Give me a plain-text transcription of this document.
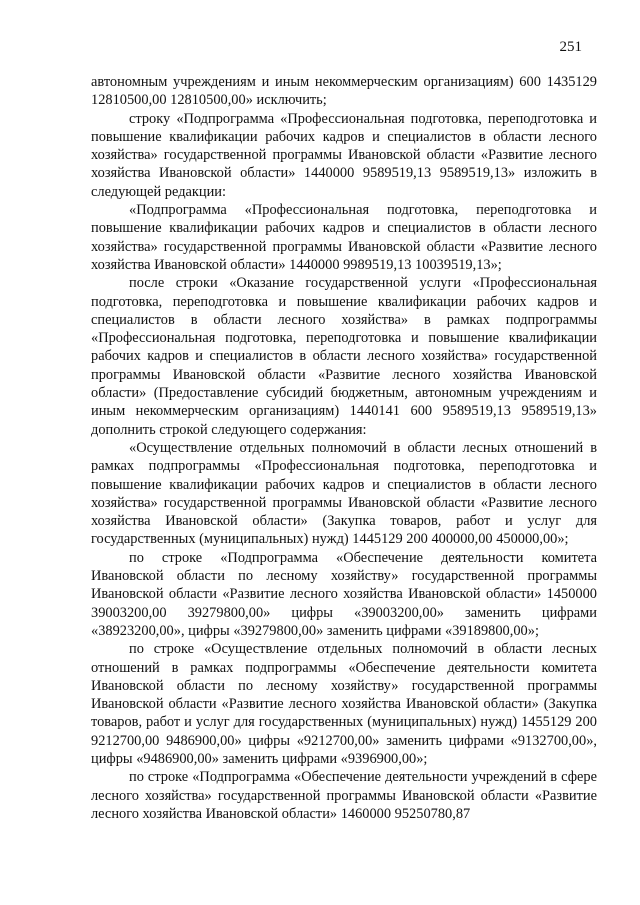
251

автономным учреждениям и иным некоммерческим организациям) 600 1435129 12810500,00 12810500,00» исключить;

строку «Подпрограмма «Профессиональная подготовка, переподготовка и повышение квалификации рабочих кадров и специалистов в области лесного хозяйства» государственной программы Ивановской области «Развитие лесного хозяйства Ивановской области» 1440000 9589519,13 9589519,13» изложить в следующей редакции:

«Подпрограмма «Профессиональная подготовка, переподготовка и повышение квалификации рабочих кадров и специалистов в области лесного хозяйства» государственной программы Ивановской области «Развитие лесного хозяйства Ивановской области» 1440000 9989519,13 10039519,13»;

после строки «Оказание государственной услуги «Профессиональная подготовка, переподготовка и повышение квалификации рабочих кадров и специалистов в области лесного хозяйства» в рамках подпрограммы «Профессиональная подготовка, переподготовка и повышение квалификации рабочих кадров и специалистов в области лесного хозяйства» государственной программы Ивановской области «Развитие лесного хозяйства Ивановской области» (Предоставление субсидий бюджетным, автономным учреждениям и иным некоммерческим организациям) 1440141 600 9589519,13 9589519,13» дополнить строкой следующего содержания:

«Осуществление отдельных полномочий в области лесных отношений в рамках подпрограммы «Профессиональная подготовка, переподготовка и повышение квалификации рабочих кадров и специалистов в области лесного хозяйства» государственной программы Ивановской области «Развитие лесного хозяйства Ивановской области» (Закупка товаров, работ и услуг для государственных (муниципальных) нужд) 1445129 200 400000,00 450000,00»;

по строке «Подпрограмма «Обеспечение деятельности комитета Ивановской области по лесному хозяйству» государственной программы Ивановской области «Развитие лесного хозяйства Ивановской области» 1450000 39003200,00 39279800,00» цифры «39003200,00» заменить цифрами «38923200,00», цифры «39279800,00» заменить цифрами «39189800,00»;

по строке «Осуществление отдельных полномочий в области лесных отношений в рамках подпрограммы «Обеспечение деятельности комитета Ивановской области по лесному хозяйству» государственной программы Ивановской области «Развитие лесного хозяйства Ивановской области» (Закупка товаров, работ и услуг для государственных (муниципальных) нужд) 1455129 200 9212700,00 9486900,00» цифры «9212700,00» заменить цифрами «9132700,00», цифры «9486900,00» заменить цифрами «9396900,00»;

по строке «Подпрограмма «Обеспечение деятельности учреждений в сфере лесного хозяйства» государственной программы Ивановской области «Развитие лесного хозяйства Ивановской области» 1460000 95250780,87
